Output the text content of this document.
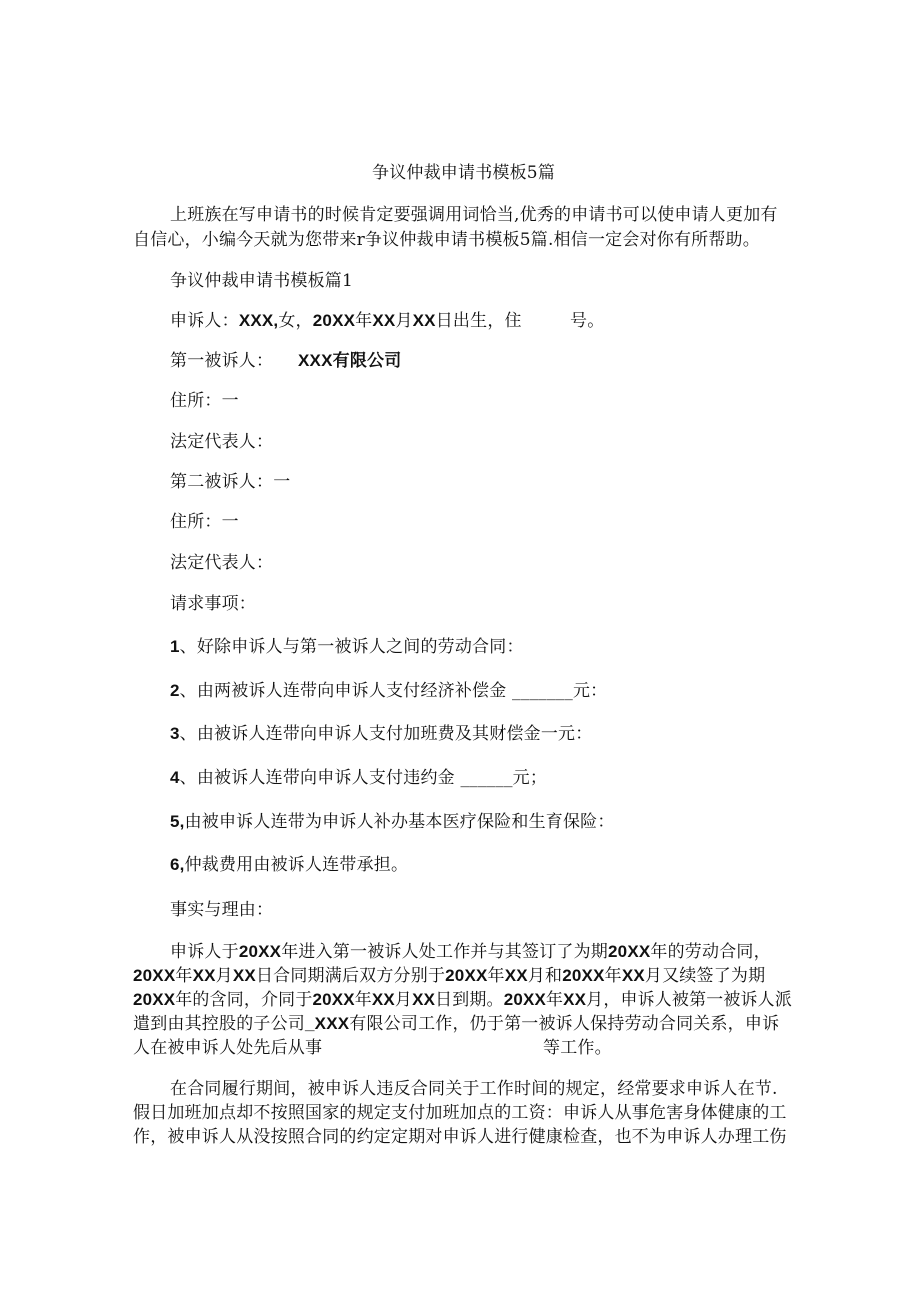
争议仲裁申请书模板5篇
上班族在写申请书的时候肯定要强调用词恰当,优秀的申请书可以使申请人更加有
自信心，小编今天就为您带来r争议仲裁申请书模板5篇.相信一定会对你有所帮助。
争议仲裁申请书模板篇1
申诉人：XXX,女，20XX年XX月XX日出生，住	号。
第一被诉人： XXX有限公司
住所：一
法定代表人：
第二被诉人：一
住所：一
法定代表人：
请求事项：
1、好除申诉人与第一被诉人之间的劳动合同：
2、由两被诉人连带向申诉人支付经济补偿金 _______元：
3、由被诉人连带向申诉人支付加班费及其财偿金一元：
4、由被诉人连带向申诉人支付违约金 ______元；
5,由被申诉人连带为申诉人补办基本医疗保险和生育保险：
6,仲裁费用由被诉人连带承担。
事实与理由：
申诉人于20XX年进入第一被诉人处工作并与其签订了为期20XX年的劳动合同，
20XX年XX月XX日合同期满后双方分别于20XX年XX月和20XX年XX月又续签了为期
20XX年的含同，介同于20XX年XX月XX日到期。20XX年XX月，申诉人被第一被诉人派
遣到由其控股的子公司_XXX有限公司工作，仍于第一被诉人保持劳动合同关系，申诉
人在被申诉人处先后从事	等工作。
在合同履行期间，被申诉人违反合同关于工作时间的规定，经常要求申诉人在节.
假日加班加点却不按照国家的规定支付加班加点的工资：申诉人从事危害身体健康的工
作，被申诉人从没按照合同的约定定期对申诉人进行健康检查，也不为申诉人办理工伤
